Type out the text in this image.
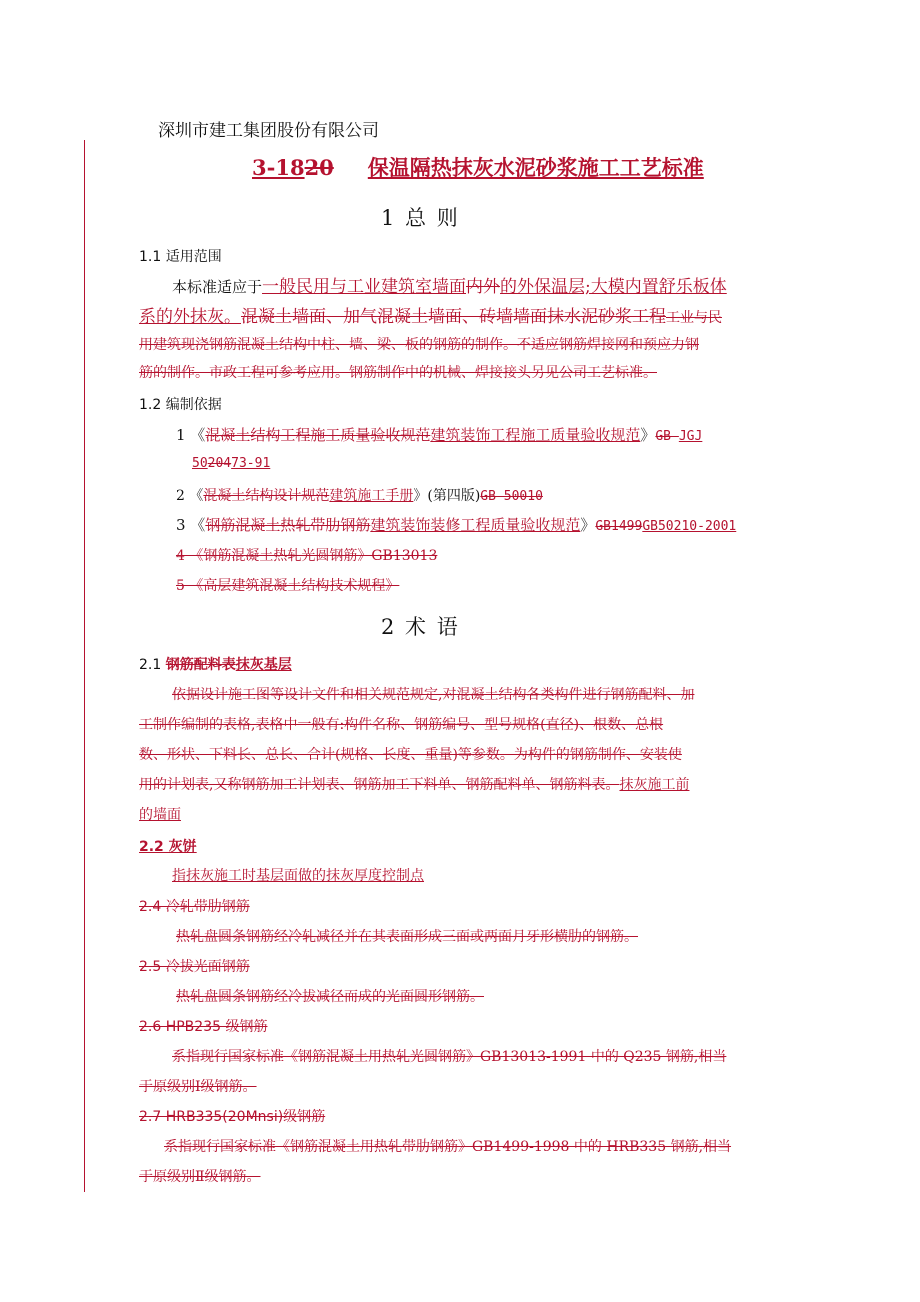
深圳市建工集团股份有限公司
3-1820 保温隔热抹灰水泥砂浆施工工艺标准
1 总 则
1.1 适用范围
本标准适应于一般民用与工业建筑室墙面内外的外保温层;大模内置舒乐板体
系的外抹灰。混凝土墙面、加气混凝土墙面、砖墙墙面抹水泥砂浆工程工业与民
用建筑现浇钢筋混凝土结构中柱、墙、梁、板的钢筋的制作。不适应钢筋焊接网和预应力钢
筋的制作。市政工程可参考应用。钢筋制作中的机械、焊接接头另见公司工艺标准。
1.2 编制依据
1 《混凝土结构工程施工质量验收规范建筑装饰工程施工质量验收规范》GB JGJ
5020473-91
2 《混凝土结构设计规范建筑施工手册》(第四版)GB 50010
3 《钢筋混凝土热轧带肋钢筋建筑装饰装修工程质量验收规范》GB1499GB50210-2001
4 《钢筋混凝土热轧光圆钢筋》GB13013
5 《高层建筑混凝土结构技术规程》
2 术 语
2.1 钢筋配料表抹灰基层
依据设计施工图等设计文件和相关规范规定,对混凝土结构各类构件进行钢筋配料、加
工制作编制的表格,表格中一般有:构件名称、钢筋编号、型号规格(直径)、根数、总根
数、形状、下料长、总长、合计(规格、长度、重量)等参数。为构件的钢筋制作、安装使
用的计划表,又称钢筋加工计划表、钢筋加工下料单、钢筋配料单、钢筋料表。抹灰施工前
的墙面
2.2 灰饼
指抹灰施工时基层面做的抹灰厚度控制点
2.4 冷轧带肋钢筋
热轧盘圆条钢筋经冷轧减径并在其表面形成三面或两面月牙形横肋的钢筋。
2.5 冷拔光面钢筋
热轧盘圆条钢筋经冷拔减径而成的光面圆形钢筋。
2.6 HPB235 级钢筋
系指现行国家标准《钢筋混凝土用热轧光圆钢筋》GB13013-1991 中的 Q235 钢筋,相当
于原级别Ⅰ级钢筋。
2.7 HRB335(20Mnsi)级钢筋
系指现行国家标准《钢筋混凝土用热轧带肋钢筋》GB1499-1998 中的 HRB335 钢筋,相当
于原级别Ⅱ级钢筋。
